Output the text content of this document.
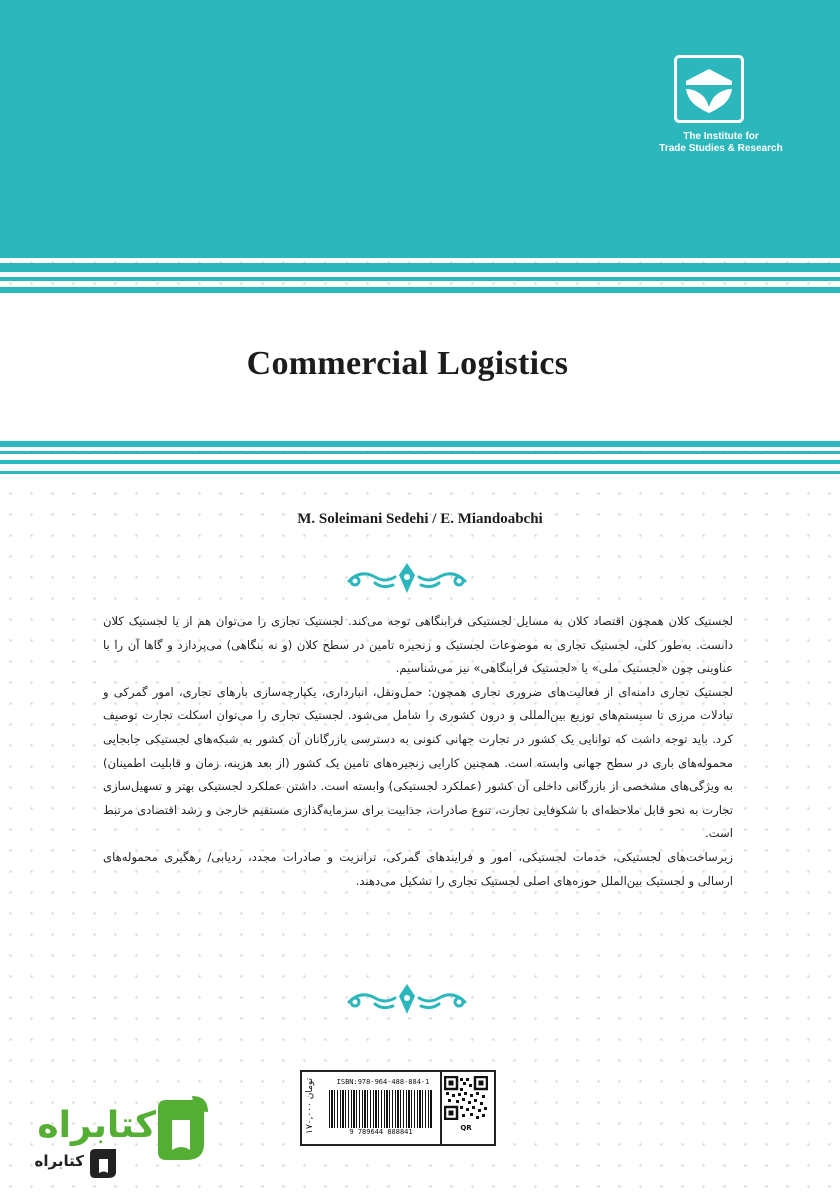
The Institute for
Trade Studies & Research
Commercial Logistics
M. Soleimani Sedehi / E. Miandoabchi

لجستیک کلان همچون اقتصاد کلان به مسایل لجستیکی فرابنگاهی توجه می‌کند. لجستیک تجاری را می‌توان هم از یا لجستیک کلان دانست. به‌طور کلی، لجستیک تجاری به موضوعات لجستیک و زنجیره تامین در سطح کلان (و نه بنگاهی) می‌پردازد و گاها آن را با عناوینی چون «لجستیک ملی» یا «لجستیک فرابنگاهی» نیز می‌شناسیم.

لجستیک تجاری دامنه‌ای از فعالیت‌های ضروری تجاری همچون: حمل‌ونقل، انبارداری، یکپارچه‌سازی بارهای تجاری، امور گمرکی و تبادلات مرزی تا سیستم‌های توزیع بین‌المللی و درون کشوری را شامل می‌شود. لجستیک تجاری را می‌توان اسکلت تجارت توصیف کرد. باید توجه داشت که توانایی یک کشور در تجارت جهانی کنونی به دسترسی بازرگانان آن کشور به شبکه‌های لجستیکی جابجایی محموله‌های باری در سطح جهانی وابسته است. همچنین کارایی زنجیره‌های تامین یک کشور (از بعد هزینه، زمان و قابلیت اطمینان) به ویژگی‌های مشخصی از بازرگانی داخلی آن کشور (عملکرد لجستیکی) وابسته است. داشتن عملکرد لجستیکی بهتر و تسهیل‌سازی تجارت به نحو قابل ملاحظه‌ای با شکوفایی تجارت، تنوع صادرات، جذابیت برای سرمایه‌گذاری مستقیم خارجی و رشد اقتصادی مرتبط است.

زیرساخت‌های لجستیکی، خدمات لجستیکی، امور و فرایندهای گمرکی، ترانزیت و صادرات مجدد، ردیابی/ رهگیری محموله‌های ارسالی و لجستیک بین‌الملل حوزه‌های اصلی لجستیک تجاری را تشکیل می‌دهند.

۱۷۰,۰۰۰ تومان	ISBN:978-964-488-884-1
9 789644 888841	QR
کتابراه
کتابراه
